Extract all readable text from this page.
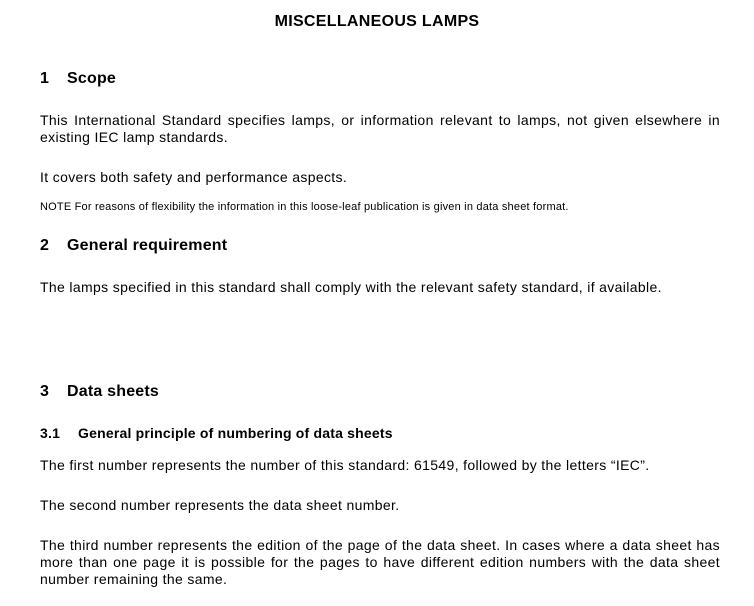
MISCELLANEOUS LAMPS
1 Scope
This International Standard specifies lamps, or information relevant to lamps, not given elsewhere in existing IEC lamp standards.
It covers both safety and performance aspects.
NOTE For reasons of flexibility the information in this loose-leaf publication is given in data sheet format.
2 General requirement
The lamps specified in this standard shall comply with the relevant safety standard, if available.
3 Data sheets
3.1 General principle of numbering of data sheets
The first number represents the number of this standard: 61549, followed by the letters “IEC”.
The second number represents the data sheet number.
The third number represents the edition of the page of the data sheet. In cases where a data sheet has more than one page it is possible for the pages to have different edition numbers with the data sheet number remaining the same.
